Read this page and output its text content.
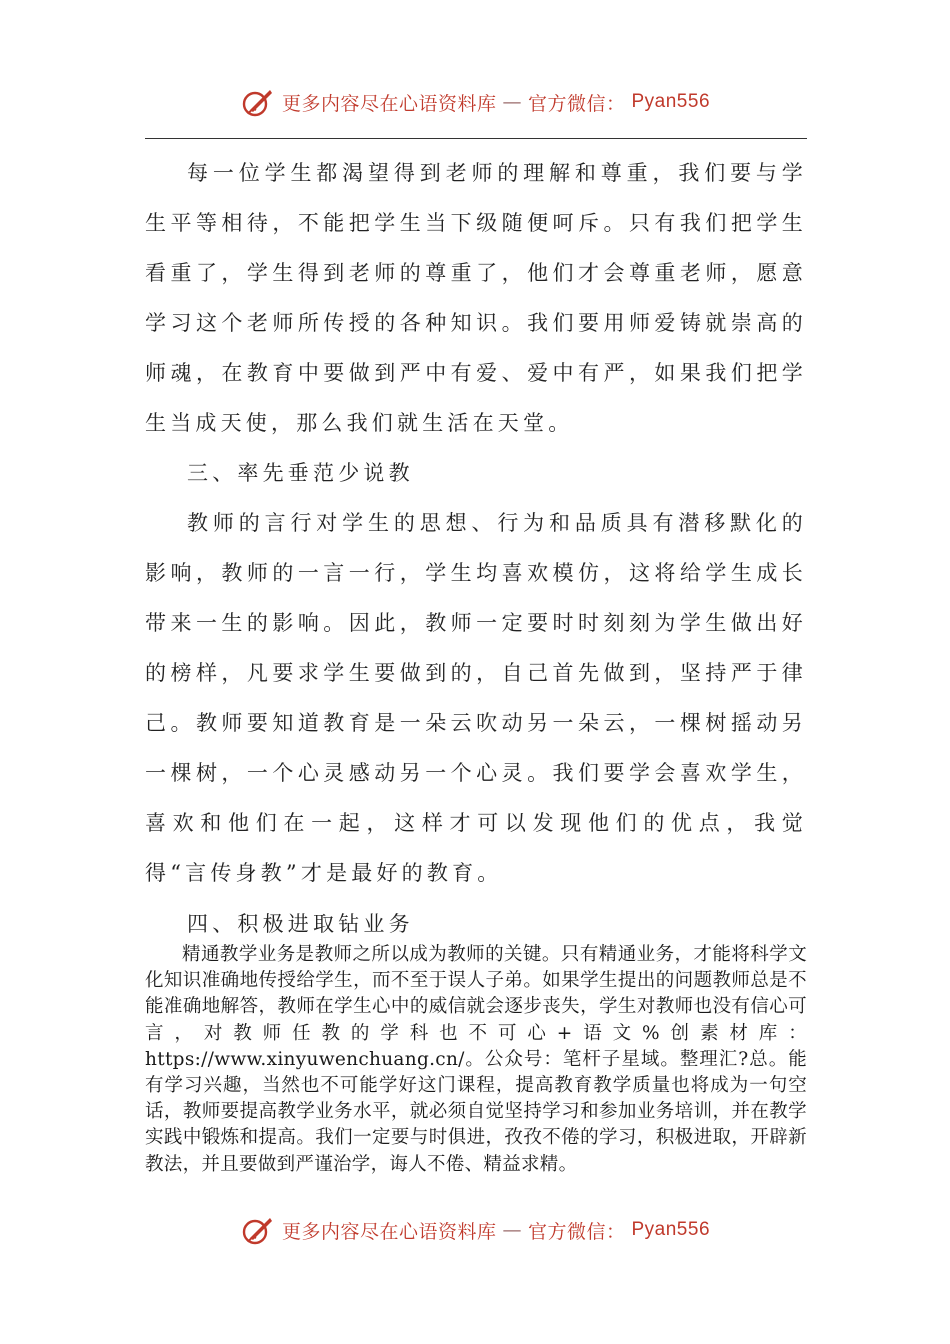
更多内容尽在心语资料库 — 官方微信： Pyan556

每一位学生都渴望得到老师的理解和尊重，我们要与学生平等相待，不能把学生当下级随便呵斥。只有我们把学生看重了，学生得到老师的尊重了，他们才会尊重老师，愿意学习这个老师所传授的各种知识。我们要用师爱铸就崇高的师魂，在教育中要做到严中有爱、爱中有严，如果我们把学生当成天使，那么我们就生活在天堂。

三、率先垂范少说教

教师的言行对学生的思想、行为和品质具有潜移默化的影响，教师的一言一行，学生均喜欢模仿，这将给学生成长带来一生的影响。因此，教师一定要时时刻刻为学生做出好的榜样，凡要求学生要做到的，自己首先做到，坚持严于律己。教师要知道教育是一朵云吹动另一朵云，一棵树摇动另一棵树，一个心灵感动另一个心灵。我们要学会喜欢学生，喜欢和他们在一起，这样才可以发现他们的优点，我觉得“言传身教”才是最好的教育。

四、积极进取钻业务

精通教学业务是教师之所以成为教师的关键。只有精通业务，才能将科学文化知识准确地传授给学生，而不至于误人子弟。如果学生提出的问题教师总是不能准确地解答，教师在学生心中的威信就会逐步丧失，学生对教师也没有信心可言，对教师任教的学科也不可心+语文%创素材库：https://www.xinyuwenchuang.cn/。公众号：笔杆子星域。整理汇?总。能有学习兴趣，当然也不可能学好这门课程，提高教育教学质量也将成为一句空话，教师要提高教学业务水平，就必须自觉坚持学习和参加业务培训，并在教学实践中锻炼和提高。我们一定要与时俱进，孜孜不倦的学习，积极进取，开辟新教法，并且要做到严谨治学，诲人不倦、精益求精。

更多内容尽在心语资料库 — 官方微信： Pyan556
